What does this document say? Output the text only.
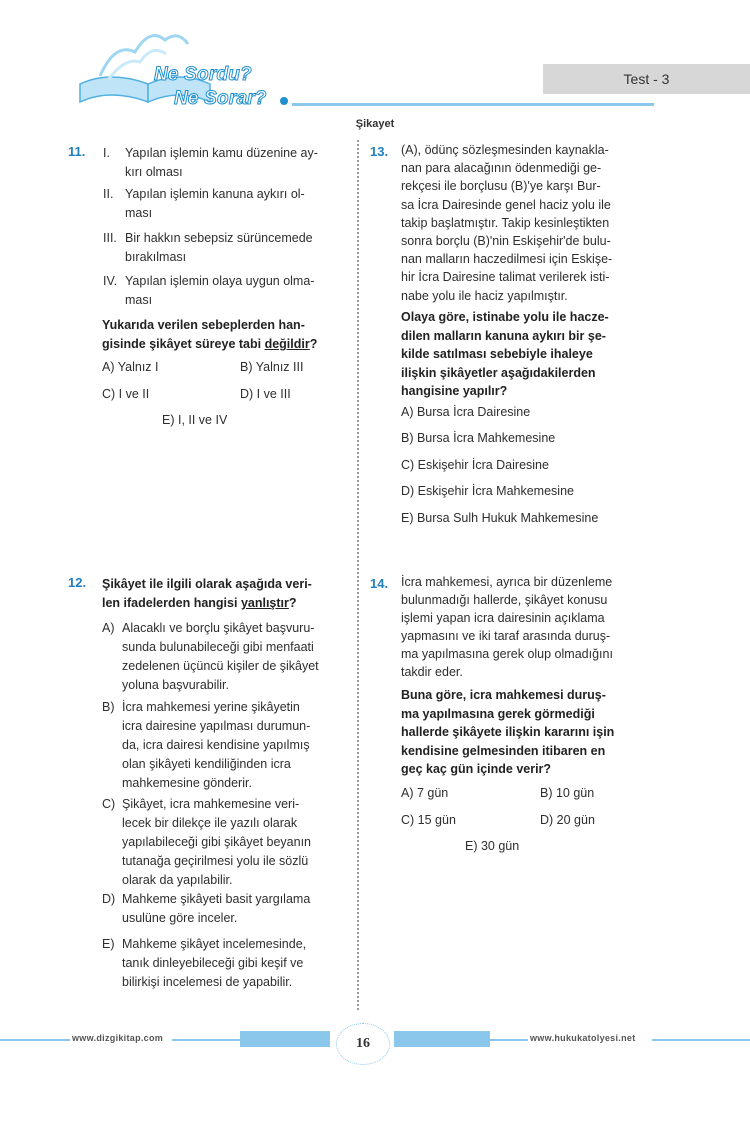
Ne Sordu?
Ne Sorar?
Test - 3
Şikayet
11. I. Yapılan işlemin kamu düzenine ay-
kırı olması
II. Yapılan işlemin kanuna aykırı ol-
ması
III. Bir hakkın sebepsiz sürüncemede
bırakılması
IV. Yapılan işlemin olaya uygun olma-
ması
Yukarıda verilen sebeplerden han-
gisinde şikâyet süreye tabi değildir?
A) Yalnız I	B) Yalnız III
C) I ve II	D) I ve III
E) I, II ve IV
12. Şikâyet ile ilgili olarak aşağıda veri-
len ifadelerden hangisi yanlıştır?
A) Alacaklı ve borçlu şikâyet başvuru-
sunda bulunabileceği gibi menfaati
zedelenen üçüncü kişiler de şikâyet
yoluna başvurabilir.
B) İcra mahkemesi yerine şikâyetin
icra dairesine yapılması durumun-
da, icra dairesi kendisine yapılmış
olan şikâyeti kendiliğinden icra
mahkemesine gönderir.
C) Şikâyet, icra mahkemesine veri-
lecek bir dilekçe ile yazılı olarak
yapılabileceği gibi şikâyet beyanın
tutanağa geçirilmesi yolu ile sözlü
olarak da yapılabilir.
D) Mahkeme şikâyeti basit yargılama
usulüne göre inceler.
E) Mahkeme şikâyet incelemesinde,
tanık dinleyebileceği gibi keşif ve
bilirkişi incelemesi de yapabilir.
13. (A), ödünç sözleşmesinden kaynakla-
nan para alacağının ödenmediği ge-
rekçesi ile borçlusu (B)'ye karşı Bur-
sa İcra Dairesinde genel haciz yolu ile
takip başlatmıştır. Takip kesinleştikten
sonra borçlu (B)'nin Eskişehir'de bulu-
nan malların haczedilmesi için Eskişe-
hir İcra Dairesine talimat verilerek isti-
nabe yolu ile haciz yapılmıştır.
Olaya göre, istinabe yolu ile hacze-
dilen malların kanuna aykırı bir şe-
kilde satılması sebebiyle ihaleye
ilişkin şikâyetler aşağıdakilerden
hangisine yapılır?
A) Bursa İcra Dairesine
B) Bursa İcra Mahkemesine
C) Eskişehir İcra Dairesine
D) Eskişehir İcra Mahkemesine
E) Bursa Sulh Hukuk Mahkemesine
14. İcra mahkemesi, ayrıca bir düzenleme
bulunmadığı hallerde, şikâyet konusu
işlemi yapan icra dairesinin açıklama
yapmasını ve iki taraf arasında duruş-
ma yapılmasına gerek olup olmadığını
takdir eder.
Buna göre, icra mahkemesi duruş-
ma yapılmasına gerek görmediği
hallerde şikâyete ilişkin kararını işin
kendisine gelmesinden itibaren en
geç kaç gün içinde verir?
A) 7 gün	B) 10 gün
C) 15 gün	D) 20 gün
E) 30 gün
www.dizgikitap.com	www.hukukatolyesi.net
16
